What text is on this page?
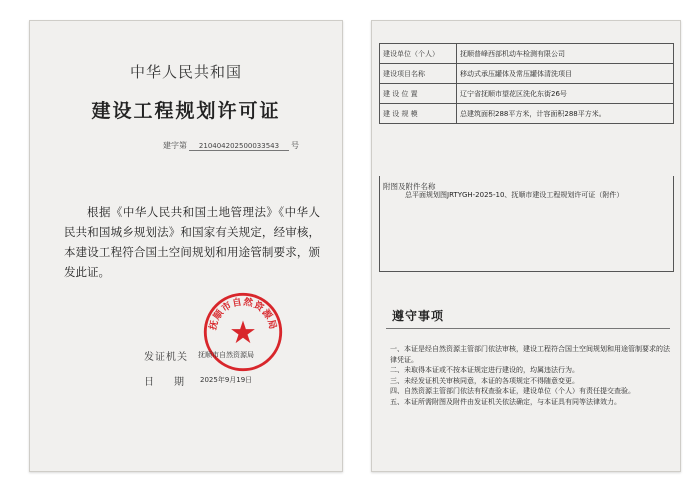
中华人民共和国
建设工程规划许可证
建字第 210404202500033543 号
根据《中华人民共和国土地管理法》《中华人民共和国城乡规划法》和国家有关规定，经审核，本建设工程符合国土空间规划和用途管制要求，颁发此证。
抚顺市自然资源局
发证机关 抚顺市自然资源局
日　　期 2025年9月19日
建设单位（个人）	抚顺普峰西部机动车检测有限公司
建设项目名称	移动式承压罐体及常压罐体清洗项目
建 设 位 置	辽宁省抚顺市望花区洗化东街26号
建 设 规 模	总建筑面积288平方米，计容面积288平方米。
附图及附件名称
总平面规划图JRTYGH-2025-10、抚顺市建设工程规划许可证（附件）
遵守事项
一、本证是经自然资源主管部门依法审核，建设工程符合国土空间规划和用途管制要求的法律凭证。
二、未取得本证或不按本证规定进行建设的，均属违法行为。
三、未经发证机关审核同意，本证的各项规定不得随意变更。
四、自然资源主管部门依法有权查验本证，建设单位（个人）有责任提交查验。
五、本证所需附图及附件由发证机关依法确定，与本证具有同等法律效力。
